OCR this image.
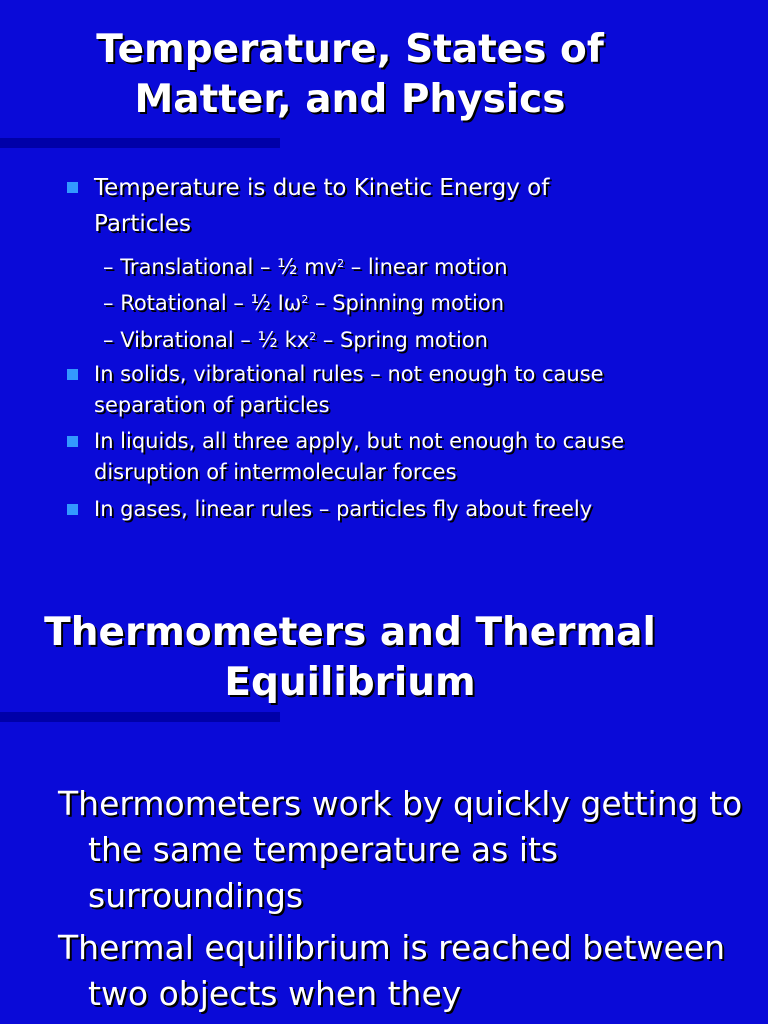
Temperature, States of
Matter, and Physics
Temperature is due to Kinetic Energy of
Particles
– Translational – ½ $mv^2$ – linear motion
– Rotational – ½ $I\omega^2$ – Spinning motion
– Vibrational – ½ $kx^2$ – Spring motion
In solids, vibrational rules – not enough to cause
separation of particles
In liquids, all three apply, but not enough to cause
disruption of intermolecular forces
In gases, linear rules – particles fly about freely
Thermometers and Thermal
Equilibrium
Thermometers work by quickly getting to the same temperature as its surroundings
Thermal equilibrium is reached between two objects when they
